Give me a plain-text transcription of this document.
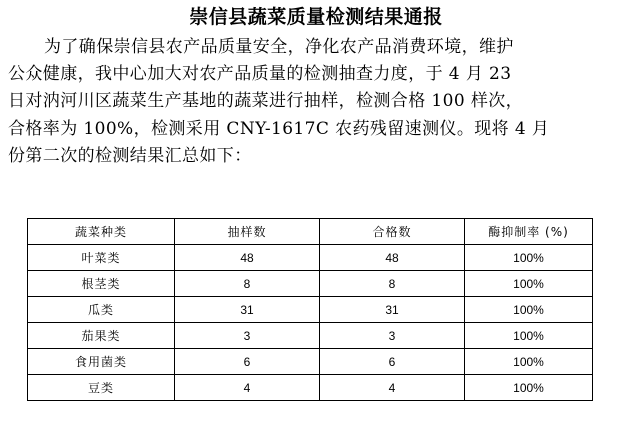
崇信县蔬菜质量检测结果通报
为了确保崇信县农产品质量安全，净化农产品消费环境，维护
公众健康，我中心加大对农产品质量的检测抽查力度，于 4 月 23
日对汭河川区蔬菜生产基地的蔬菜进行抽样，检测合格 100 样次，
合格率为 100%，检测采用 CNY-1617C 农药残留速测仪。现将 4 月
份第二次的检测结果汇总如下：
蔬菜种类	抽样数	合格数	酶抑制率 (%)
叶菜类	48	48	100%
根茎类	8	8	100%
瓜类	31	31	100%
茄果类	3	3	100%
食用菌类	6	6	100%
豆类	4	4	100%
